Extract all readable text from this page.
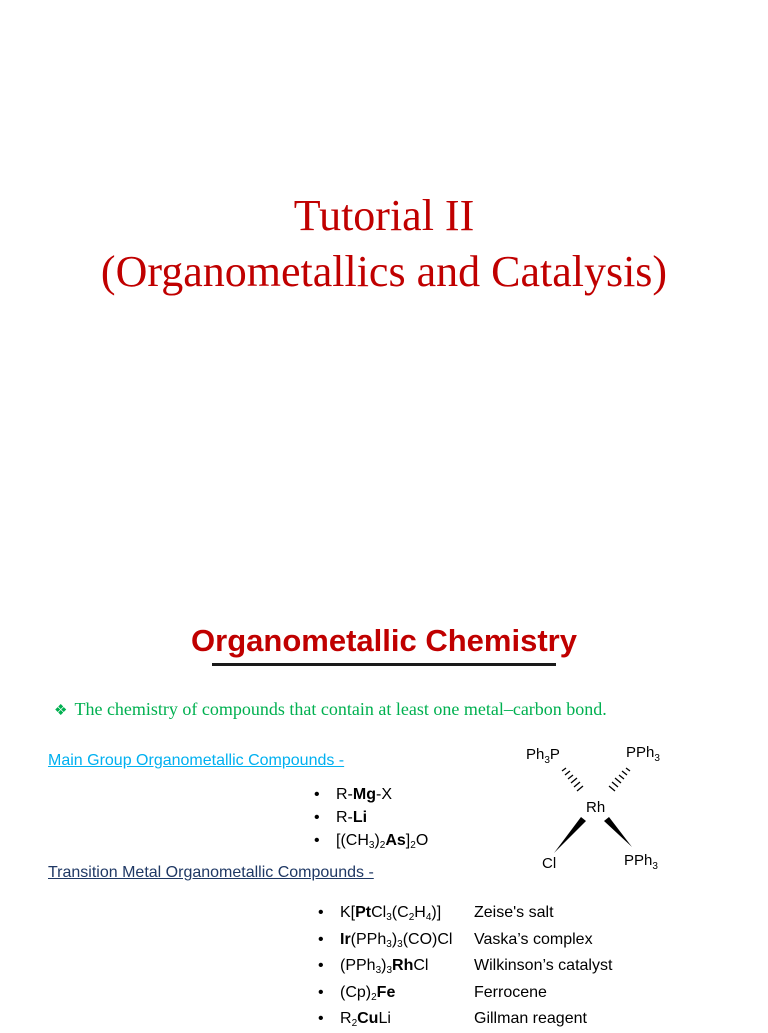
Tutorial II
(Organometallics and Catalysis)
Organometallic Chemistry
❖ The chemistry of compounds that contain at least one metal–carbon bond.
Main Group Organometallic Compounds -
• R-Mg-X
• R-Li
• $[(CH_3)_2As]_2O$
$Ph_3P$	PPh$_3$
Rh
Cl	PPh$_3$
Transition Metal Organometallic Compounds -
• $K[PtCl_3(C_2H_4)]$ Zeise's salt
• $Ir(PPh_3)_3(CO)Cl$ Vaska’s complex
• $(PPh_3)_3RhCl$	Wilkinson’s catalyst
• $(Cp)_2Fe$	Ferrocene
• $R_2CuLi$	Gillman reagent
